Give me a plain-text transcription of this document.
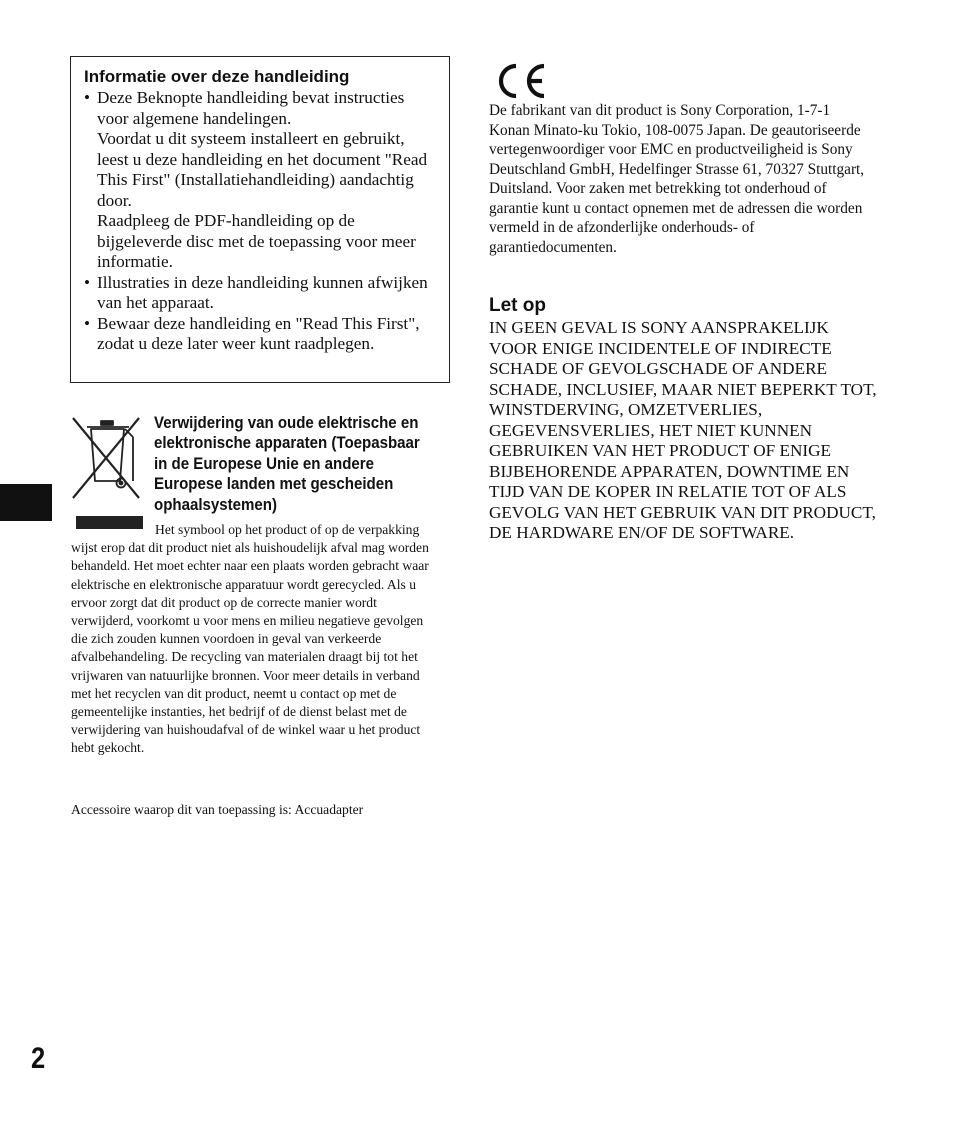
Informatie over deze handleiding

• Deze Beknopte handleiding bevat instructies voor algemene handelingen.

Voordat u dit systeem installeert en gebruikt, leest u deze handleiding en het document "Read This First" (Installatiehandleiding) aandachtig door.

Raadpleeg de PDF-handleiding op de bijgeleverde disc met de toepassing voor meer informatie.

• Illustraties in deze handleiding kunnen afwijken van het apparaat.

• Bewaar deze handleiding en "Read This First", zodat u deze later weer kunt raadplegen.

Verwijdering van oude elektrische en elektronische apparaten (Toepasbaar in de Europese Unie en andere Europese landen met gescheiden ophaalsystemen)

Het symbool op het product of op de verpakking wijst erop dat dit product niet als huishoudelijk afval mag worden behandeld. Het moet echter naar een plaats worden gebracht waar elektrische en elektronische apparatuur wordt gerecycled. Als u ervoor zorgt dat dit product op de correcte manier wordt verwijderd, voorkomt u voor mens en milieu negatieve gevolgen die zich zouden kunnen voordoen in geval van verkeerde afvalbehandeling. De recycling van materialen draagt bij tot het vrijwaren van natuurlijke bronnen. Voor meer details in verband met het recyclen van dit product, neemt u contact op met de gemeentelijke instanties, het bedrijf of de dienst belast met de verwijdering van huishoudafval of de winkel waar u het product hebt gekocht.

Accessoire waarop dit van toepassing is: Accuadapter

De fabrikant van dit product is Sony Corporation, 1-7-1 Konan Minato-ku Tokio, 108-0075 Japan. De geautoriseerde vertegenwoordiger voor EMC en productveiligheid is Sony Deutschland GmbH, Hedelfinger Strasse 61, 70327 Stuttgart, Duitsland. Voor zaken met betrekking tot onderhoud of garantie kunt u contact opnemen met de adressen die worden vermeld in de afzonderlijke onderhouds- of garantiedocumenten.

Let op

IN GEEN GEVAL IS SONY AANSPRAKELIJK VOOR ENIGE INCIDENTELE OF INDIRECTE SCHADE OF GEVOLGSCHADE OF ANDERE SCHADE, INCLUSIEF, MAAR NIET BEPERKT TOT, WINSTDERVING, OMZETVERLIES, GEGEVENSVERLIES, HET NIET KUNNEN GEBRUIKEN VAN HET PRODUCT OF ENIGE BIJBEHORENDE APPARATEN, DOWNTIME EN TIJD VAN DE KOPER IN RELATIE TOT OF ALS GEVOLG VAN HET GEBRUIK VAN DIT PRODUCT, DE HARDWARE EN/OF DE SOFTWARE.

2
